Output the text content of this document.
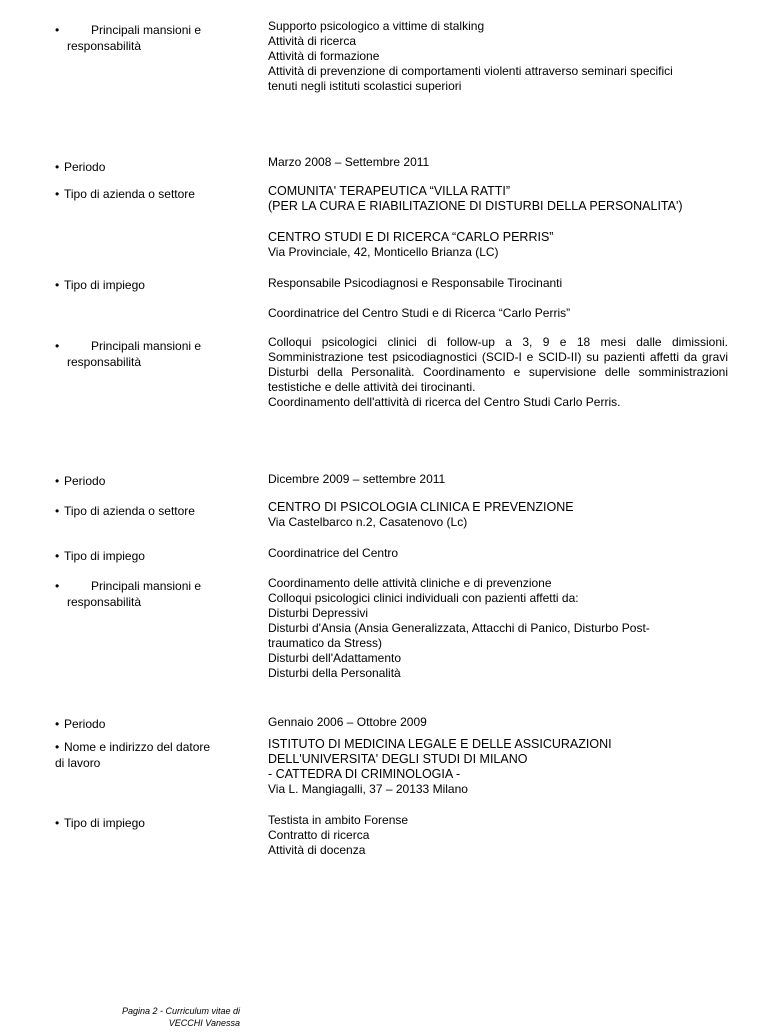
•	Principali mansioni e
responsabilità
Supporto psicologico a vittime di stalking
Attività di ricerca
Attività di formazione
Attività di prevenzione di comportamenti violenti attraverso seminari specifici
tenuti negli istituti scolastici superiori
• Periodo	Marzo 2008 – Settembre 2011
• Tipo di azienda o settore	COMUNITA' TERAPEUTICA “VILLA RATTI”
(PER LA CURA E RIABILITAZIONE DI DISTURBI DELLA PERSONALITA')
CENTRO STUDI E DI RICERCA “CARLO PERRIS”
Via Provinciale, 42, Monticello Brianza (LC)
• Tipo di impiego	Responsabile Psicodiagnosi e Responsabile Tirocinanti
Coordinatrice del Centro Studi e di Ricerca “Carlo Perris”
•	Principali mansioni e
responsabilità
Colloqui psicologici clinici di follow-up a 3, 9 e 18 mesi dalle dimissioni. Somministrazione test psicodiagnostici (SCID-I e SCID-II) su pazienti affetti da gravi Disturbi della Personalità. Coordinamento e supervisione delle somministrazioni testistiche e delle attività dei tirocinanti.
Coordinamento dell'attività di ricerca del Centro Studi Carlo Perris.
• Periodo	Dicembre 2009 – settembre 2011
• Tipo di azienda o settore	CENTRO DI PSICOLOGIA CLINICA E PREVENZIONE
Via Castelbarco n.2, Casatenovo (Lc)
• Tipo di impiego	Coordinatrice del Centro
•	Principali mansioni e
responsabilità
Coordinamento delle attività cliniche e di prevenzione
Colloqui psicologici clinici individuali con pazienti affetti da:
Disturbi Depressivi
Disturbi d'Ansia (Ansia Generalizzata, Attacchi di Panico, Disturbo Post-
traumatico da Stress)
Disturbi dell'Adattamento
Disturbi della Personalità
• Periodo	Gennaio 2006 – Ottobre 2009
• Nome e indirizzo del datore
di lavoro
ISTITUTO DI MEDICINA LEGALE E DELLE ASSICURAZIONI
DELL'UNIVERSITA' DEGLI STUDI DI MILANO
- CATTEDRA DI CRIMINOLOGIA -
Via L. Mangiagalli, 37 – 20133 Milano
• Tipo di impiego	Testista in ambito Forense
Contratto di ricerca
Attività di docenza
Pagina 2 - Curriculum vitae di
VECCHI Vanessa
